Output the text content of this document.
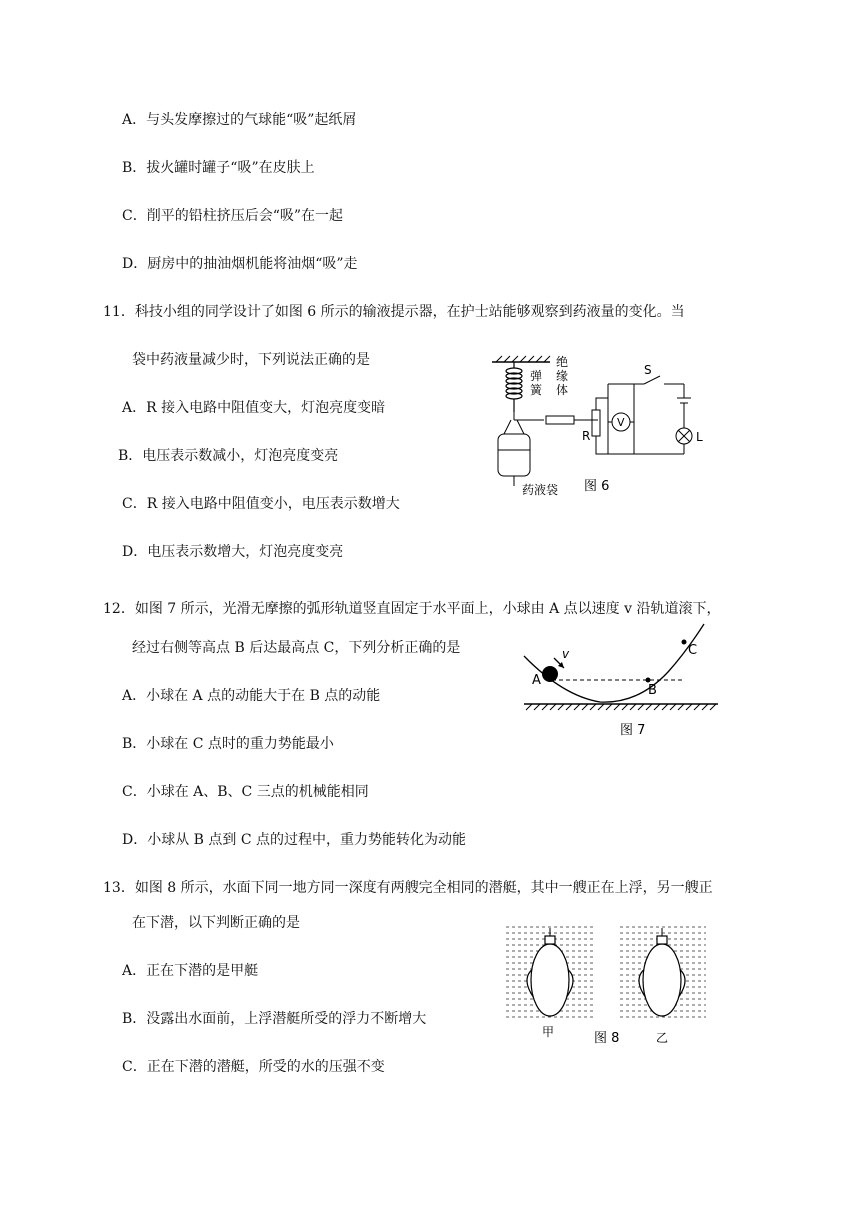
A．与头发摩擦过的气球能“吸”起纸屑
B．拔火罐时罐子“吸”在皮肤上
C．削平的铅柱挤压后会“吸”在一起
D．厨房中的抽油烟机能将油烟“吸”走
11．科技小组的同学设计了如图 6 所示的输液提示器，在护士站能够观察到药液量的变化。当
袋中药液量减少时，下列说法正确的是
A．R 接入电路中阻值变大，灯泡亮度变暗
B．电压表示数减小，灯泡亮度变亮
C．R 接入电路中阻值变小，电压表示数增大
D．电压表示数增大，灯泡亮度变亮
弹
簧
绝
缘
体
药液袋
R
V
S
L
图 6
12．如图 7 所示，光滑无摩擦的弧形轨道竖直固定于水平面上，小球由 A 点以速度 v 沿轨道滚下，
经过右侧等高点 B 后达最高点 C，下列分析正确的是
A．小球在 A 点的动能大于在 B 点的动能
B．小球在 C 点时的重力势能最小
C．小球在 A、B、C 三点的机械能相同
D．小球从 B 点到 C 点的过程中，重力势能转化为动能
v
A
B
C
图 7
13．如图 8 所示，水面下同一地方同一深度有两艘完全相同的潜艇，其中一艘正在上浮，另一艘正
在下潜，以下判断正确的是
A．正在下潜的是甲艇
B．没露出水面前，上浮潜艇所受的浮力不断增大
C．正在下潜的潜艇，所受的水的压强不变
甲	乙
图 8
